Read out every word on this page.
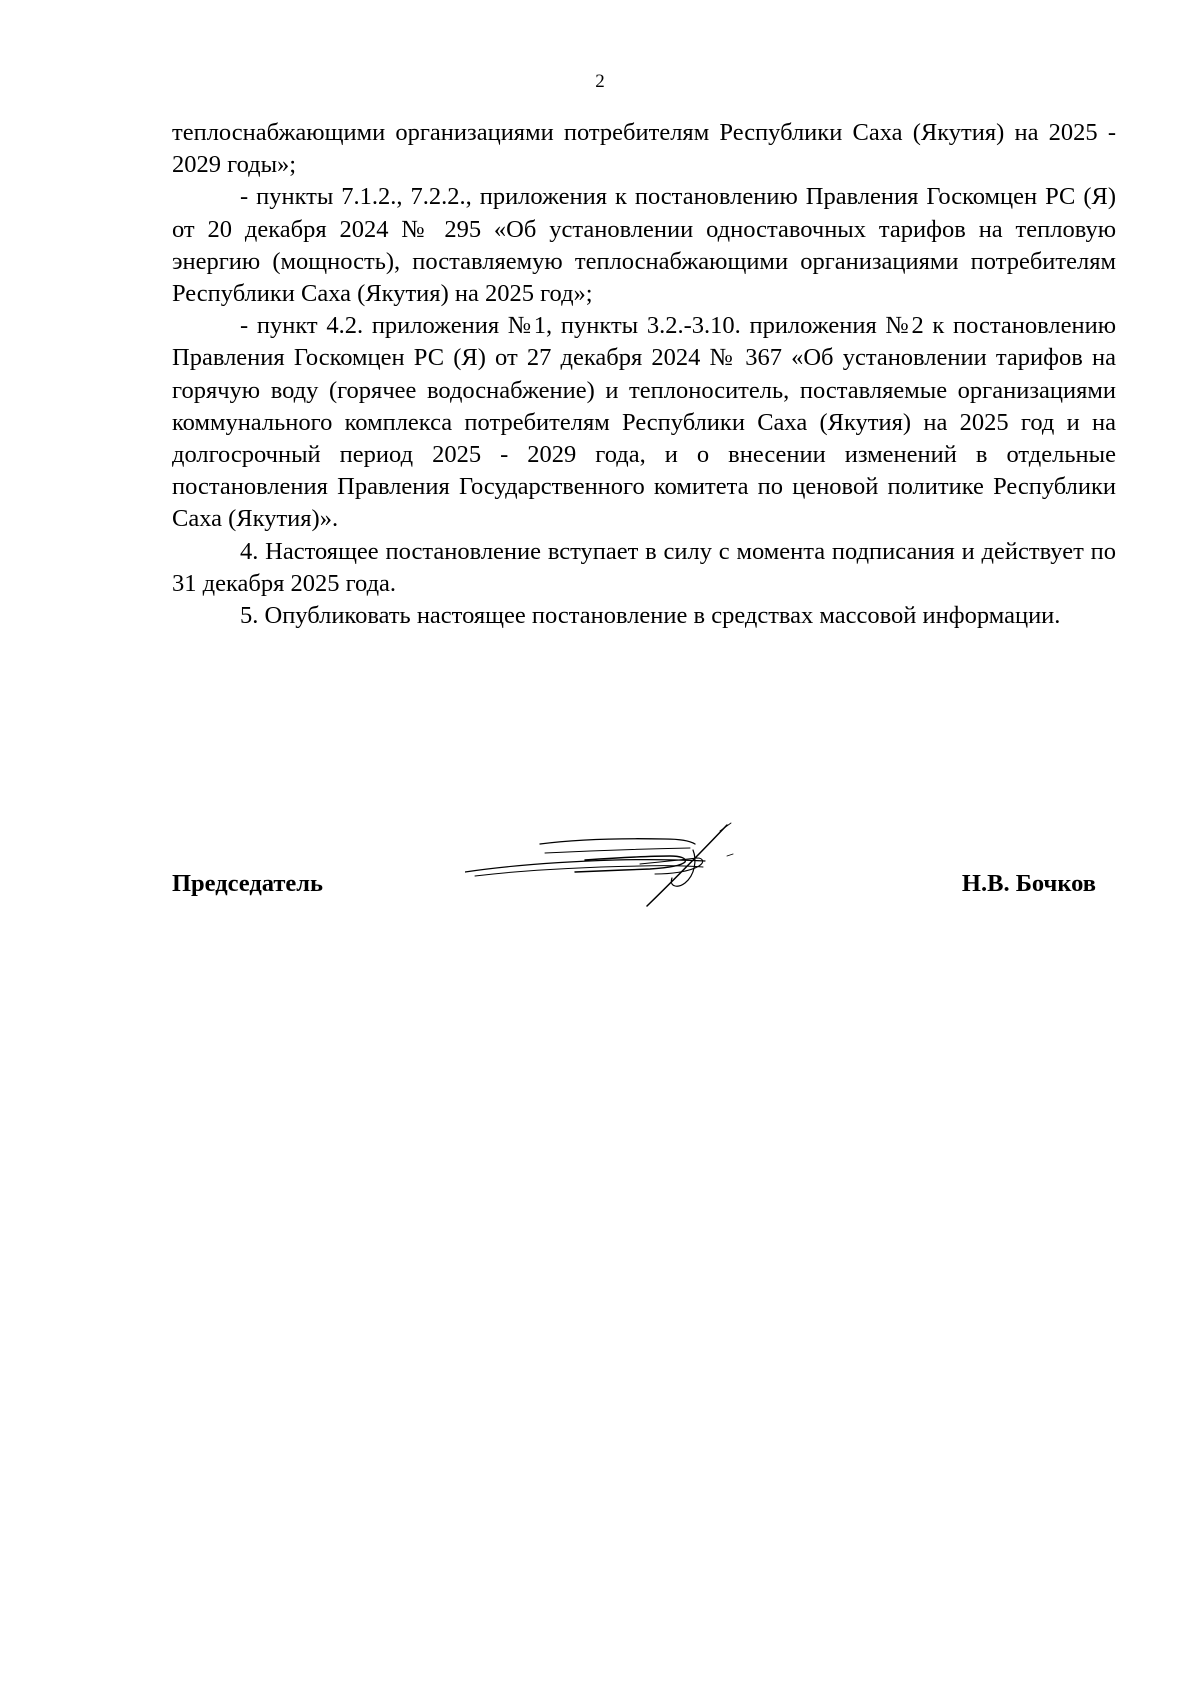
2

теплоснабжающими организациями потребителям Республики Саха (Якутия) на 2025 - 2029 годы»;

- пункты 7.1.2., 7.2.2., приложения к постановлению Правления Госкомцен РС (Я) от 20 декабря 2024 № 295 «Об установлении одноставочных тарифов на тепловую энергию (мощность), поставляемую теплоснабжающими организациями потребителям Республики Саха (Якутия) на 2025 год»;

- пункт 4.2. приложения №1, пункты 3.2.-3.10. приложения №2 к постановлению Правления Госкомцен РС (Я) от 27 декабря 2024 № 367 «Об установлении тарифов на горячую воду (горячее водоснабжение) и теплоноситель, поставляемые организациями коммунального комплекса потребителям Республики Саха (Якутия) на 2025 год и на долгосрочный период 2025 - 2029 года, и о внесении изменений в отдельные постановления Правления Государственного комитета по ценовой политике Республики Саха (Якутия)».

4. Настоящее постановление вступает в силу с момента подписания и действует по 31 декабря 2025 года.

5. Опубликовать настоящее постановление в средствах массовой информации.

Председатель	Н.В. Бочков
